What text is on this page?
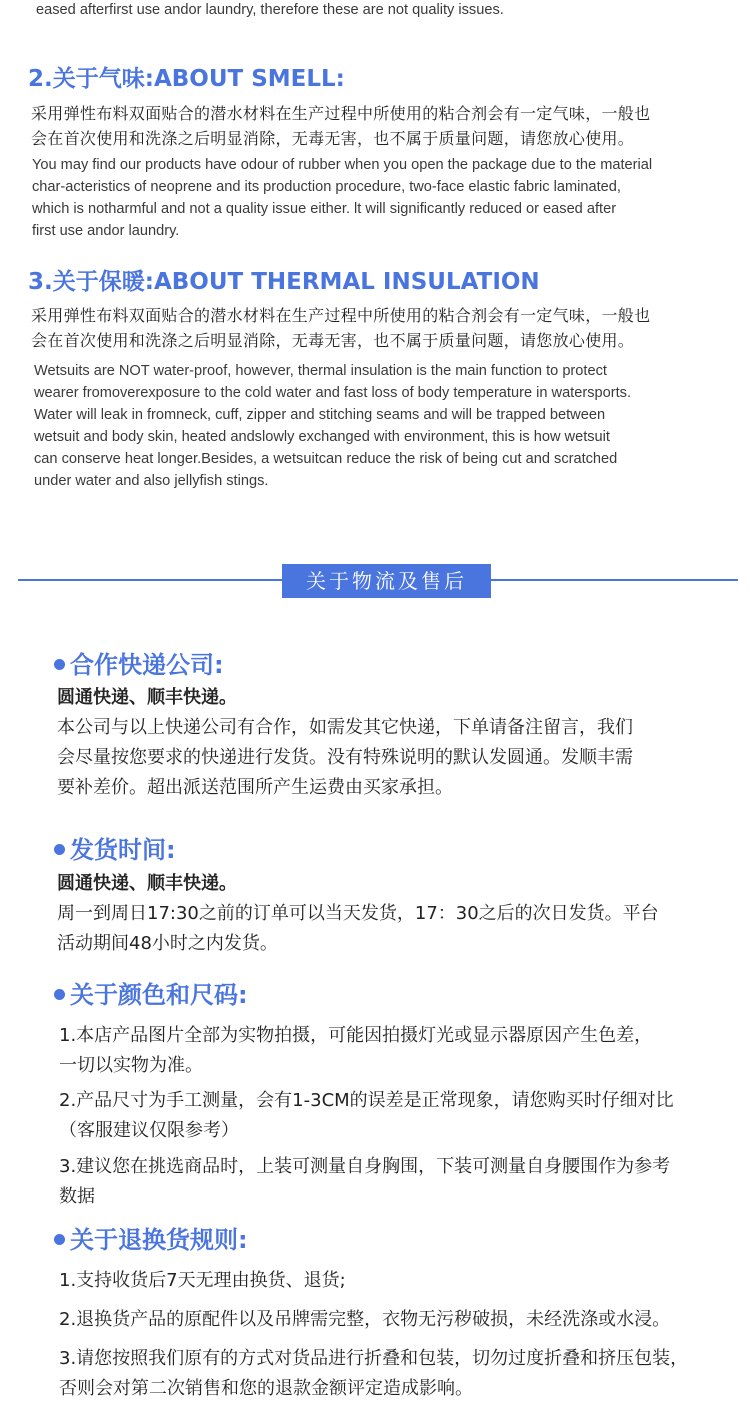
eased afterfirst use andor laundry, therefore these are not quality issues.

2.关于气味:ABOUT SMELL:

采用弹性布料双面贴合的潜水材料在生产过程中所使用的粘合剂会有一定气味，一般也

会在首次使用和洗涤之后明显消除，无毒无害，也不属于质量问题，请您放心使用。

You may find our products have odour of rubber when you open the package due to the material

char-acteristics of neoprene and its production procedure, two-face elastic fabric laminated,

which is notharmful and not a quality issue either. lt will significantly reduced or eased after

first use andor laundry.

3.关于保暖:ABOUT THERMAL INSULATION

采用弹性布料双面贴合的潜水材料在生产过程中所使用的粘合剂会有一定气味，一般也

会在首次使用和洗涤之后明显消除，无毒无害，也不属于质量问题，请您放心使用。

Wetsuits are NOT water-proof, however, thermal insulation is the main function to protect

wearer fromoverexposure to the cold water and fast loss of body temperature in watersports.

Water will leak in fromneck, cuff, zipper and stitching seams and will be trapped between

wetsuit and body skin, heated andslowly exchanged with environment, this is how wetsuit

can conserve heat longer.Besides, a wetsuitcan reduce the risk of being cut and scratched

under water and also jellyfish stings.

关于物流及售后
合作快递公司:

圆通快递、顺丰快递。

本公司与以上快递公司有合作，如需发其它快递，下单请备注留言，我们

会尽量按您要求的快递进行发货。没有特殊说明的默认发圆通。发顺丰需

要补差价。超出派送范围所产生运费由买家承担。

发货时间:

圆通快递、顺丰快递。

周一到周日17:30之前的订单可以当天发货，17：30之后的次日发货。平台

活动期间48小时之内发货。

关于颜色和尺码:

1.本店产品图片全部为实物拍摄，可能因拍摄灯光或显示器原因产生色差，

一切以实物为准。

2.产品尺寸为手工测量，会有1-3CM的误差是正常现象，请您购买时仔细对比

（客服建议仅限参考）

3.建议您在挑选商品时，上装可测量自身胸围，下装可测量自身腰围作为参考

数据

关于退换货规则:

1.支持收货后7天无理由换货、退货;

2.退换货产品的原配件以及吊牌需完整，衣物无污秽破损，未经洗涤或水浸。

3.请您按照我们原有的方式对货品进行折叠和包装，切勿过度折叠和挤压包装，

否则会对第二次销售和您的退款金额评定造成影响。
